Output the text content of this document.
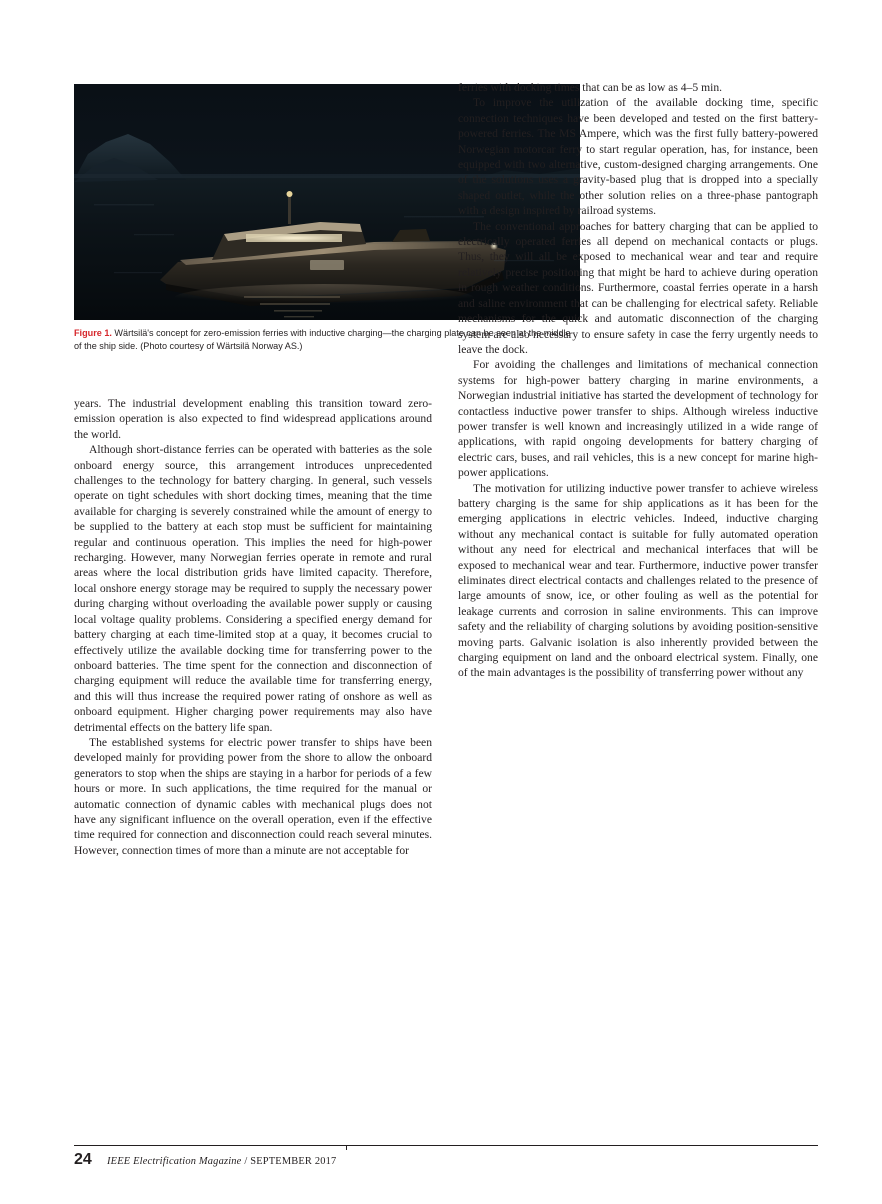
Figure 1. Wärtsilä's concept for zero-emission ferries with inductive charging—the charging plate can be seen at the middle of the ship side. (Photo courtesy of Wärtsilä Norway AS.)

years. The industrial development enabling this transition toward zero-emission operation is also expected to find widespread applications around the world.

Although short-distance ferries can be operated with batteries as the sole onboard energy source, this arrangement introduces unprecedented challenges to the technology for battery charging. In general, such vessels operate on tight schedules with short docking times, meaning that the time available for charging is severely constrained while the amount of energy to be supplied to the battery at each stop must be sufficient for maintaining regular and continuous operation. This implies the need for high-power recharging. However, many Norwegian ferries operate in remote and rural areas where the local distribution grids have limited capacity. Therefore, local onshore energy storage may be required to supply the necessary power during charging without overloading the available power supply or causing local voltage quality problems. Considering a specified energy demand for battery charging at each time-limited stop at a quay, it becomes crucial to effectively utilize the available docking time for transferring power to the onboard batteries. The time spent for the connection and disconnection of charging equipment will reduce the available time for transferring energy, and this will thus increase the required power rating of onshore as well as onboard equipment. Higher charging power requirements may also have detrimental effects on the battery life span.

The established systems for electric power transfer to ships have been developed mainly for providing power from the shore to allow the onboard generators to stop when the ships are staying in a harbor for periods of a few hours or more. In such applications, the time required for the manual or automatic connection of dynamic cables with mechanical plugs does not have any significant influence on the overall operation, even if the effective time required for connection and disconnection could reach several minutes. However, connection times of more than a minute are not acceptable for

ferries with docking times that can be as low as 4–5 min.

To improve the utilization of the available docking time, specific connection techniques have been developed and tested on the first battery-powered ferries. The MS Ampere, which was the first fully battery-powered Norwegian motorcar ferry to start regular operation, has, for instance, been equipped with two alternative, custom-designed charging arrangements. One of the solutions uses a gravity-based plug that is dropped into a specially shaped outlet, while the other solution relies on a three-phase pantograph with a design inspired by railroad systems.

The conventional approaches for battery charging that can be applied to electrically operated ferries all depend on mechanical contacts or plugs. Thus, they will all be exposed to mechanical wear and tear and require relatively precise positioning that might be hard to achieve during operation in rough weather conditions. Furthermore, coastal ferries operate in a harsh and saline environment that can be challenging for electrical safety. Reliable mechanisms for the quick and automatic disconnection of the charging system are also necessary to ensure safety in case the ferry urgently needs to leave the dock.

For avoiding the challenges and limitations of mechanical connection systems for high-power battery charging in marine environments, a Norwegian industrial initiative has started the development of technology for contactless inductive power transfer to ships. Although wireless inductive power transfer is well known and increasingly utilized in a wide range of applications, with rapid ongoing developments for battery charging of electric cars, buses, and rail vehicles, this is a new concept for marine high-power applications.

The motivation for utilizing inductive power transfer to achieve wireless battery charging is the same for ship applications as it has been for the emerging applications in electric vehicles. Indeed, inductive charging without any mechanical contact is suitable for fully automated operation without any need for electrical and mechanical interfaces that will be exposed to mechanical wear and tear. Furthermore, inductive power transfer eliminates direct electrical contacts and challenges related to the presence of large amounts of snow, ice, or other fouling as well as the potential for leakage currents and corrosion in saline environments. This can improve safety and the reliability of charging solutions by avoiding position-sensitive moving parts. Galvanic isolation is also inherently provided between the charging equipment on land and the onboard electrical system. Finally, one of the main advantages is the possibility of transferring power without any

24 IEEE Electrification Magazine / SEPTEMBER 2017
